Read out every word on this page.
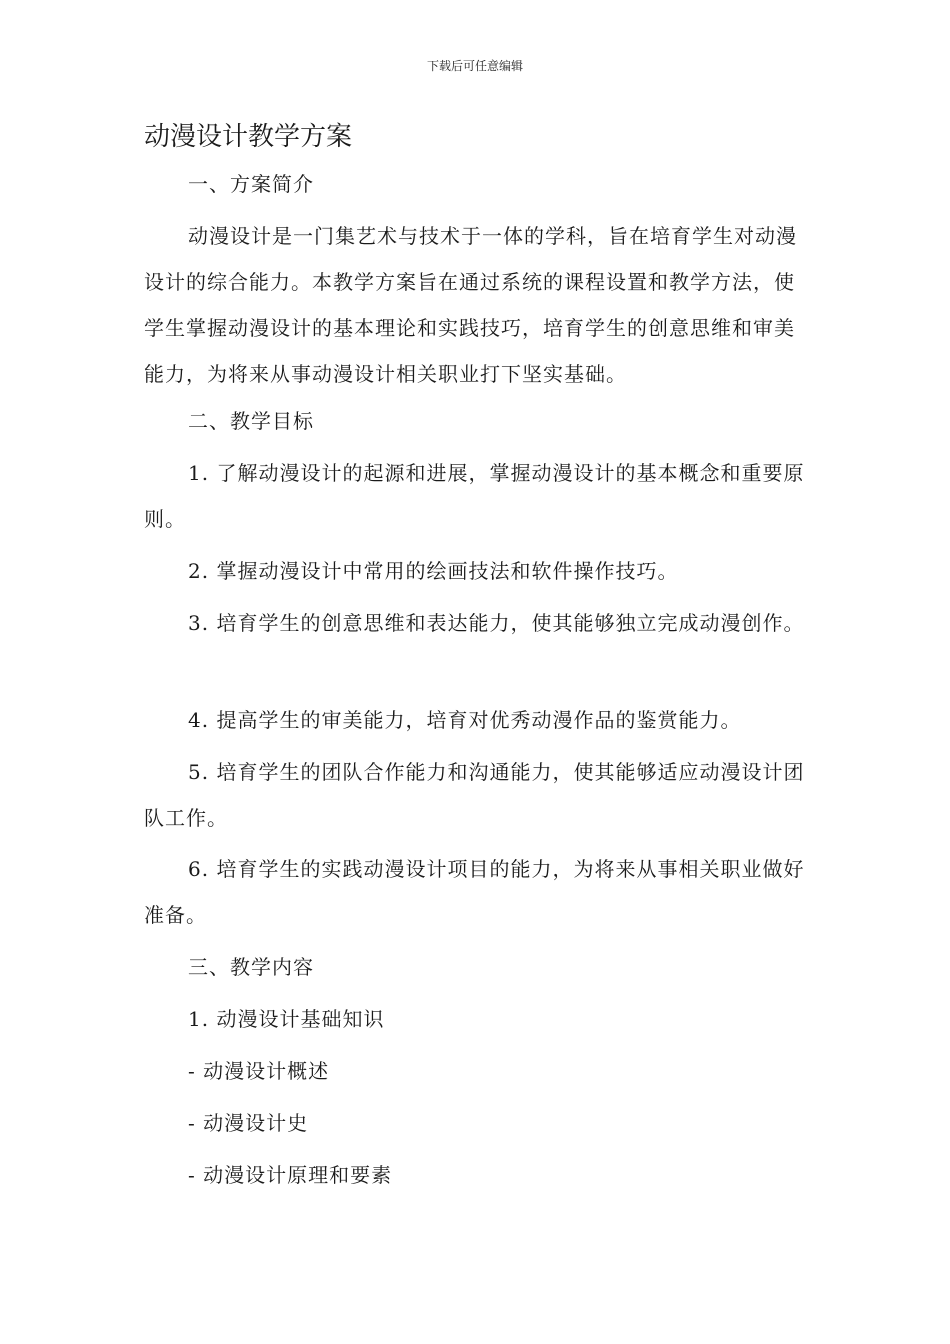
下载后可任意编辑
动漫设计教学方案

一、方案简介

动漫设计是一门集艺术与技术于一体的学科，旨在培育学生对动漫设计的综合能力。本教学方案旨在通过系统的课程设置和教学方法，使学生掌握动漫设计的基本理论和实践技巧，培育学生的创意思维和审美能力，为将来从事动漫设计相关职业打下坚实基础。

二、教学目标

1. 了解动漫设计的起源和进展，掌握动漫设计的基本概念和重要原则。

2. 掌握动漫设计中常用的绘画技法和软件操作技巧。

3. 培育学生的创意思维和表达能力，使其能够独立完成动漫创作。

4. 提高学生的审美能力，培育对优秀动漫作品的鉴赏能力。

5. 培育学生的团队合作能力和沟通能力，使其能够适应动漫设计团队工作。

6. 培育学生的实践动漫设计项目的能力，为将来从事相关职业做好准备。

三、教学内容

1. 动漫设计基础知识

- 动漫设计概述

- 动漫设计史

- 动漫设计原理和要素
